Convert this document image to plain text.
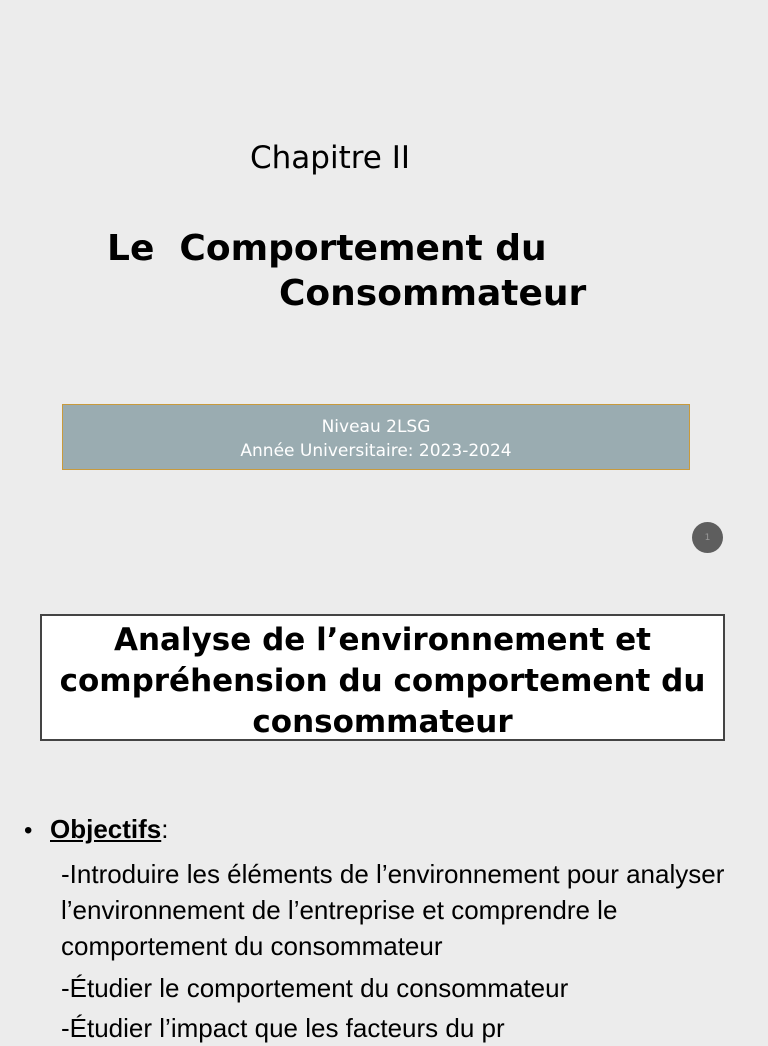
Chapitre II
Le  Comportement du
Consommateur
Niveau 2LSG
Année Universitaire: 2023-2024
1
Analyse de l’environnement et compréhension du comportement du consommateur
• Objectifs :

-Introduire les éléments de l’environnement pour analyser l’environnement de l’entreprise et comprendre le comportement du consommateur

-Étudier le comportement du consommateur

-Étudier l’impact que les facteurs du pr
